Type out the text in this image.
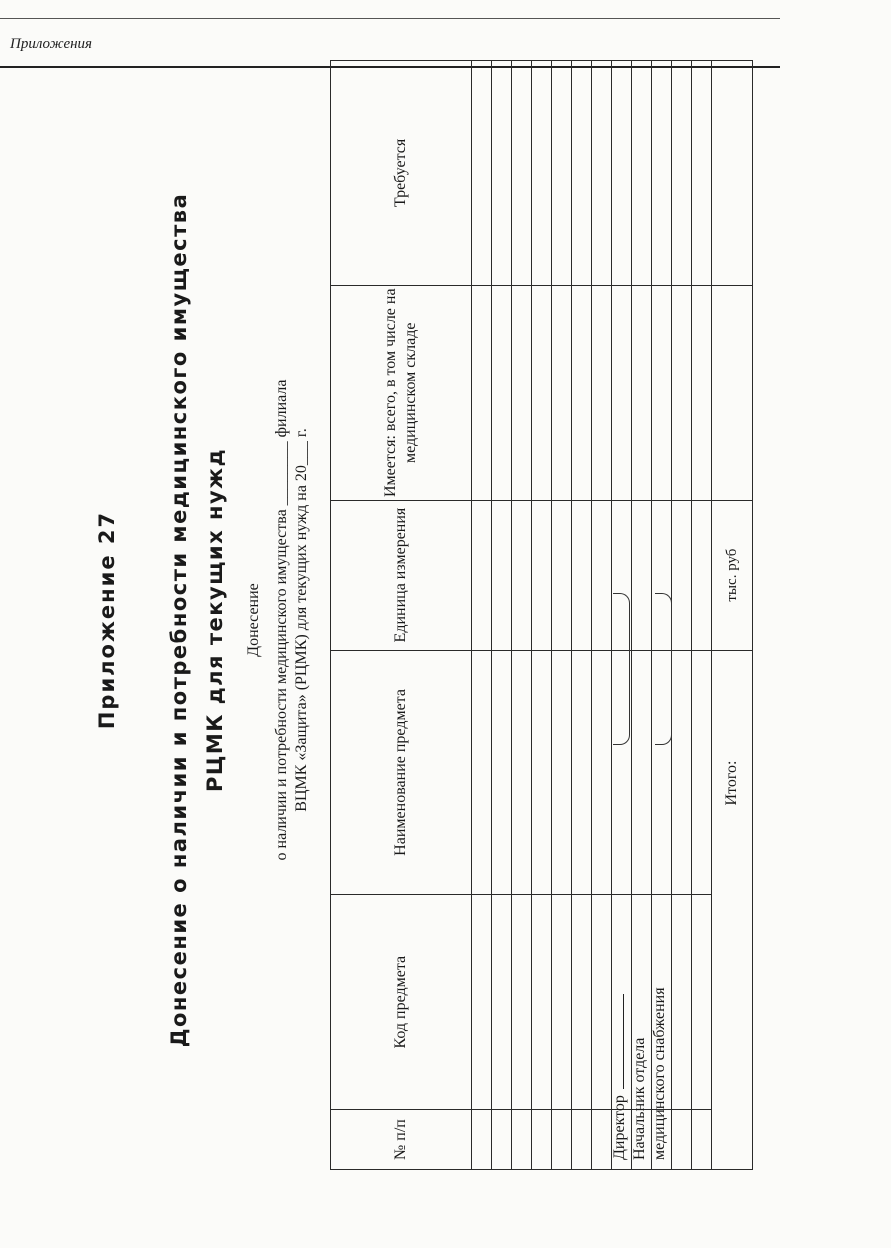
Приложения
Приложение 27 Донесение о наличии и потребности медицинского имущества РЦМК для текущих нужд	Донесение о наличии и потребности медицинского имущества ________ филиала ВЦМК «Защита» (РЦМК) для текущих нужд на 20___ г.
№ п/п	Код предмета	Наименование предмета	Единица измерения	Имеется: всего, в том числе на медицинском складе	Требуется

Итого:			тыс. руб		
Директор Начальник отдела медицинского снабжения
